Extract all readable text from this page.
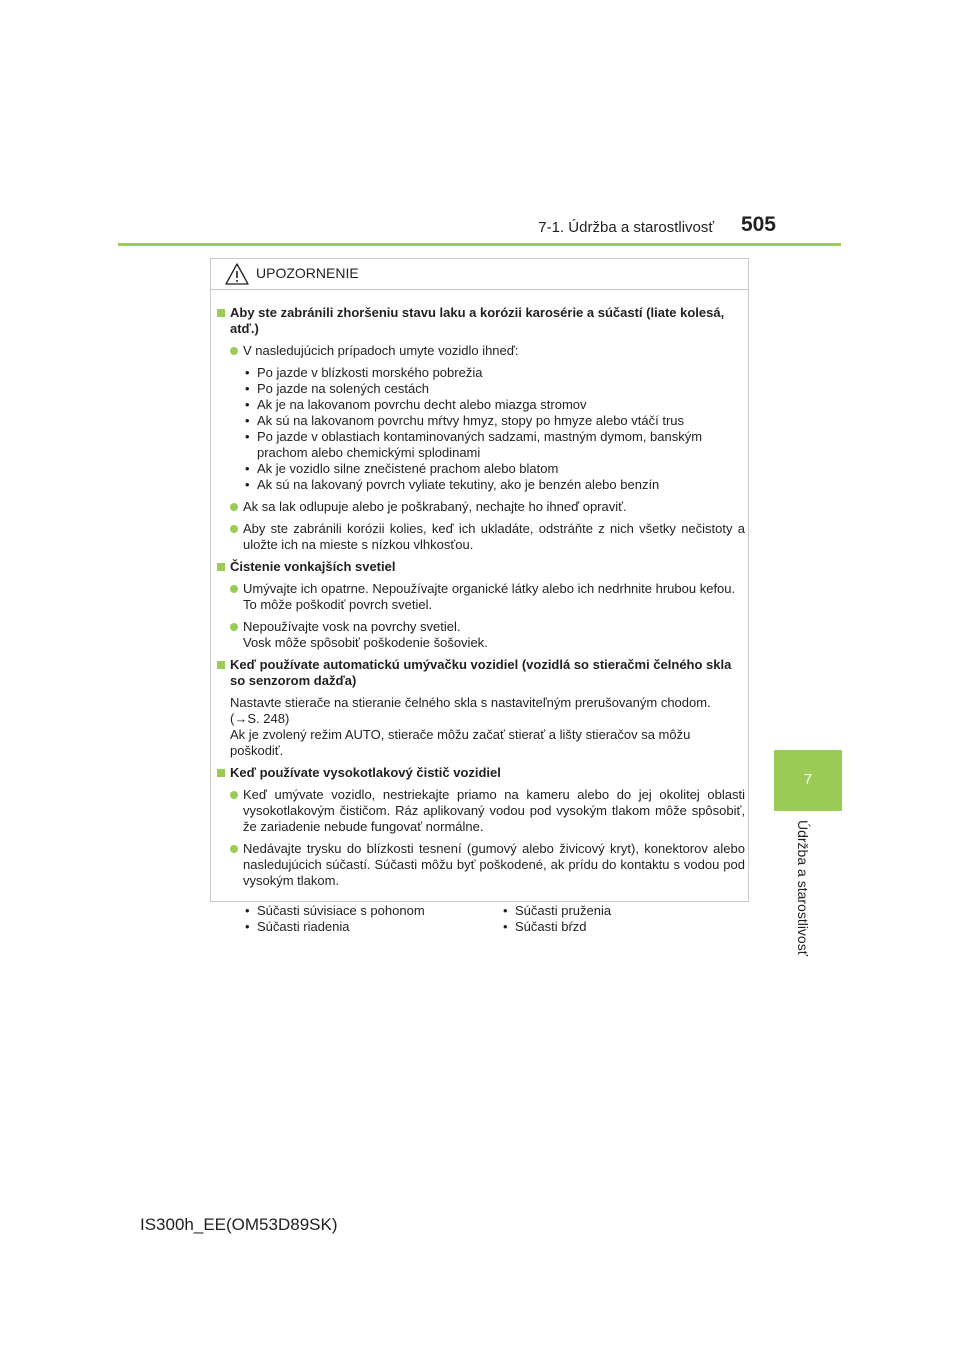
7-1. Údržba a starostlivosť	505
7
Údržba a starostlivosť
UPOZORNENIE
Aby ste zabránili zhoršeniu stavu laku a korózii karosérie a súčastí (liate kolesá, atď.)
V nasledujúcich prípadoch umyte vozidlo ihneď:
• Po jazde v blízkosti morského pobrežia
• Po jazde na solených cestách
• Ak je na lakovanom povrchu decht alebo miazga stromov
• Ak sú na lakovanom povrchu mŕtvy hmyz, stopy po hmyze alebo vtáčí trus
• Po jazde v oblastiach kontaminovaných sadzami, mastným dymom, banským prachom alebo chemickými splodinami
• Ak je vozidlo silne znečistené prachom alebo blatom
• Ak sú na lakovaný povrch vyliate tekutiny, ako je benzén alebo benzín
Ak sa lak odlupuje alebo je poškrabaný, nechajte ho ihneď opraviť.
Aby ste zabránili korózii kolies, keď ich ukladáte, odstráňte z nich všetky nečistoty a uložte ich na mieste s nízkou vlhkosťou.
Čistenie vonkajších svetiel
Umývajte ich opatrne. Nepoužívajte organické látky alebo ich nedrhnite hrubou kefou. To môže poškodiť povrch svetiel.
Nepoužívajte vosk na povrchy svetiel.
Vosk môže spôsobiť poškodenie šošoviek.
Keď používate automatickú umývačku vozidiel (vozidlá so stieračmi čelného skla so senzorom dažďa)
Nastavte stierače na stieranie čelného skla s nastaviteľným prerušovaným chodom.
(→S. 248)
Ak je zvolený režim AUTO, stierače môžu začať stierať a lišty stieračov sa môžu poškodiť.
Keď používate vysokotlakový čistič vozidiel
Keď umývate vozidlo, nestriekajte priamo na kameru alebo do jej okolitej oblasti vysokotlakovým čističom. Ráz aplikovaný vodou pod vysokým tlakom môže spôsobiť, že zariadenie nebude fungovať normálne.
Nedávajte trysku do blízkosti tesnení (gumový alebo živicový kryt), konektorov alebo nasledujúcich súčastí. Súčasti môžu byť poškodené, ak prídu do kontaktu s vodou pod vysokým tlakom.
• Súčasti súvisiace s pohonom
• Súčasti riadenia
• Súčasti pruženia
• Súčasti bŕzd
IS300h_EE(OM53D89SK)
